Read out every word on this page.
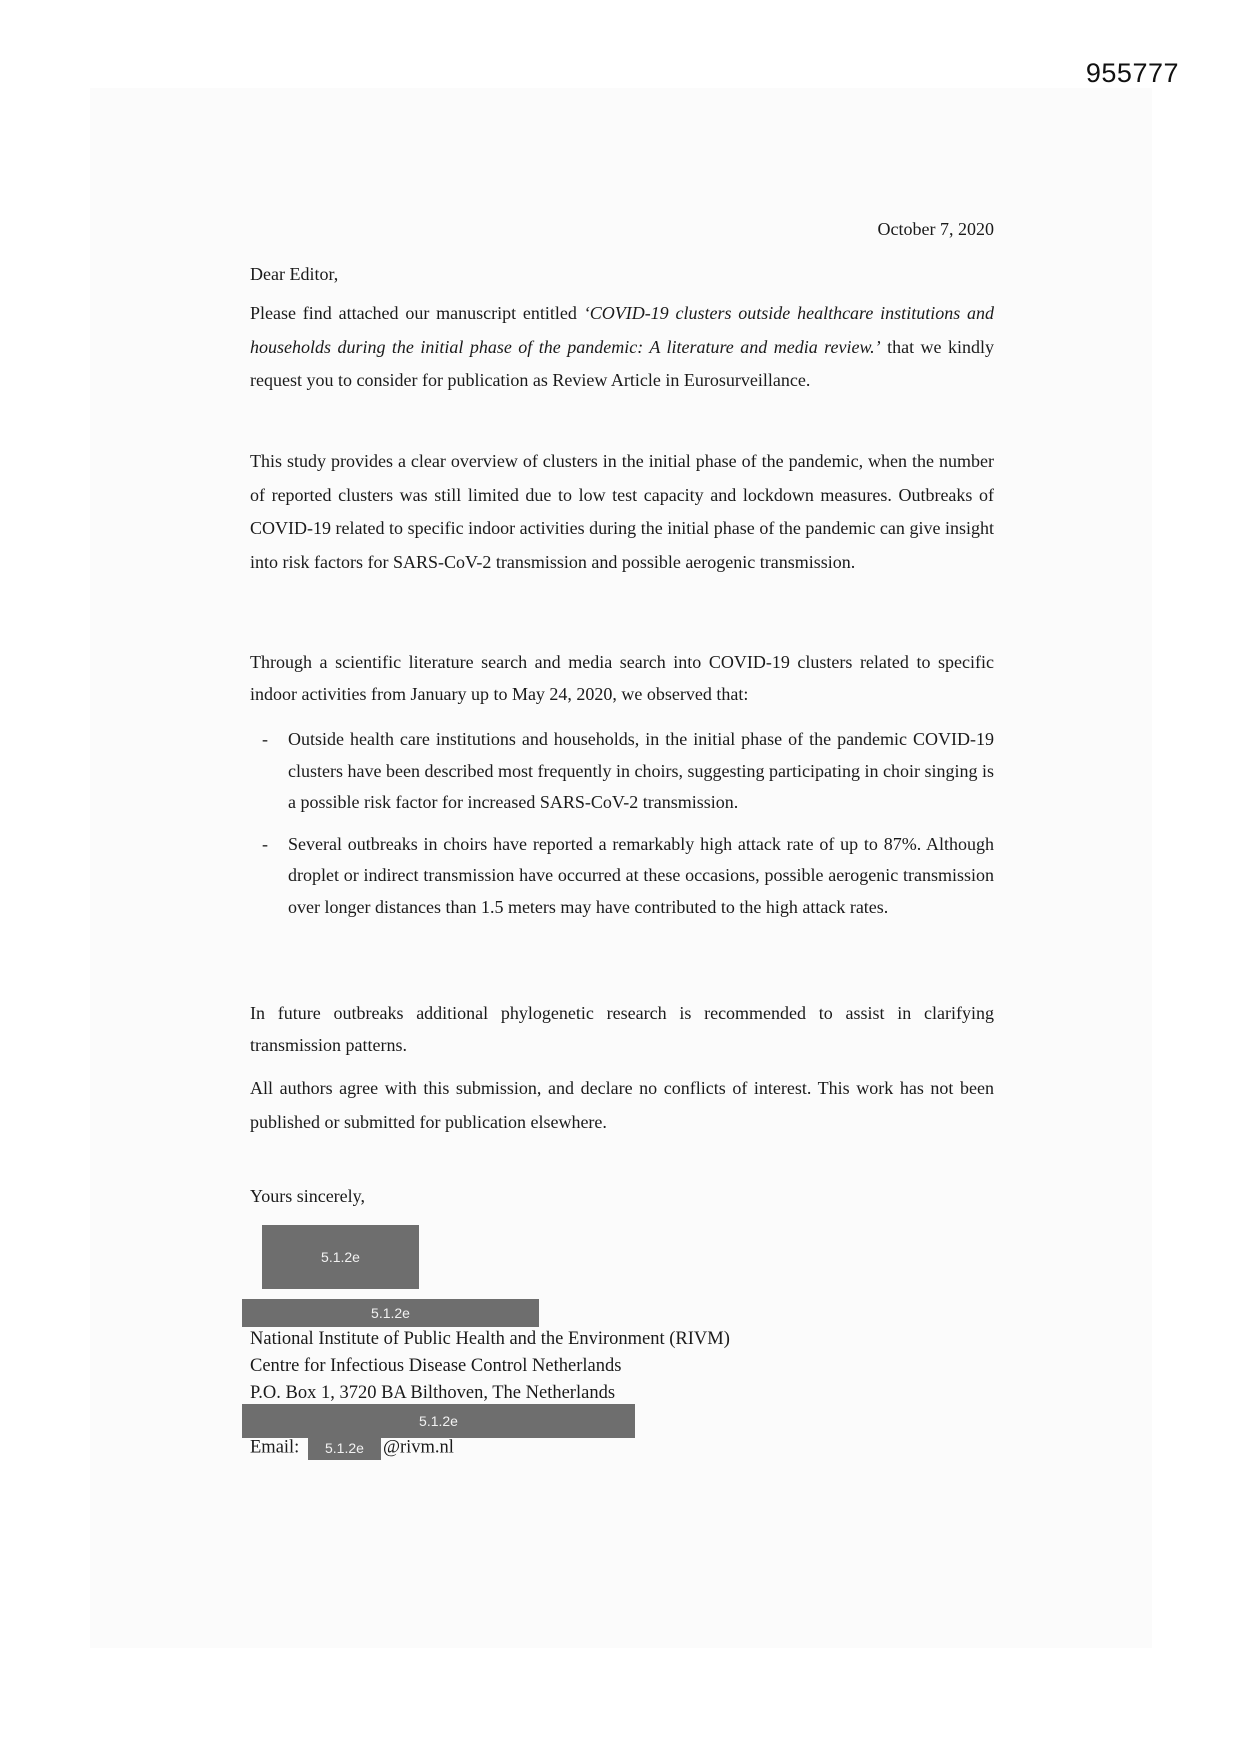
955777
October 7, 2020
Dear Editor,
Please find attached our manuscript entitled ‘COVID-19 clusters outside healthcare institutions and households during the initial phase of the pandemic: A literature and media review.’ that we kindly request you to consider for publication as Review Article in Eurosurveillance.
This study provides a clear overview of clusters in the initial phase of the pandemic, when the number of reported clusters was still limited due to low test capacity and lockdown measures. Outbreaks of COVID-19 related to specific indoor activities during the initial phase of the pandemic can give insight into risk factors for SARS-CoV-2 transmission and possible aerogenic transmission.
Through a scientific literature search and media search into COVID-19 clusters related to specific indoor activities from January up to May 24, 2020, we observed that:
- Outside health care institutions and households, in the initial phase of the pandemic COVID-19 clusters have been described most frequently in choirs, suggesting participating in choir singing is a possible risk factor for increased SARS-CoV-2 transmission.
- Several outbreaks in choirs have reported a remarkably high attack rate of up to 87%. Although droplet or indirect transmission have occurred at these occasions, possible aerogenic transmission over longer distances than 1.5 meters may have contributed to the high attack rates.
In future outbreaks additional phylogenetic research is recommended to assist in clarifying transmission patterns.
All authors agree with this submission, and declare no conflicts of interest. This work has not been published or submitted for publication elsewhere.
Yours sincerely,
5.1.2e
5.1.2e
National Institute of Public Health and the Environment (RIVM)
Centre for Infectious Disease Control Netherlands
P.O. Box 1, 3720 BA Bilthoven, The Netherlands
5.1.2e
Email: 5.1.2e @rivm.nl
